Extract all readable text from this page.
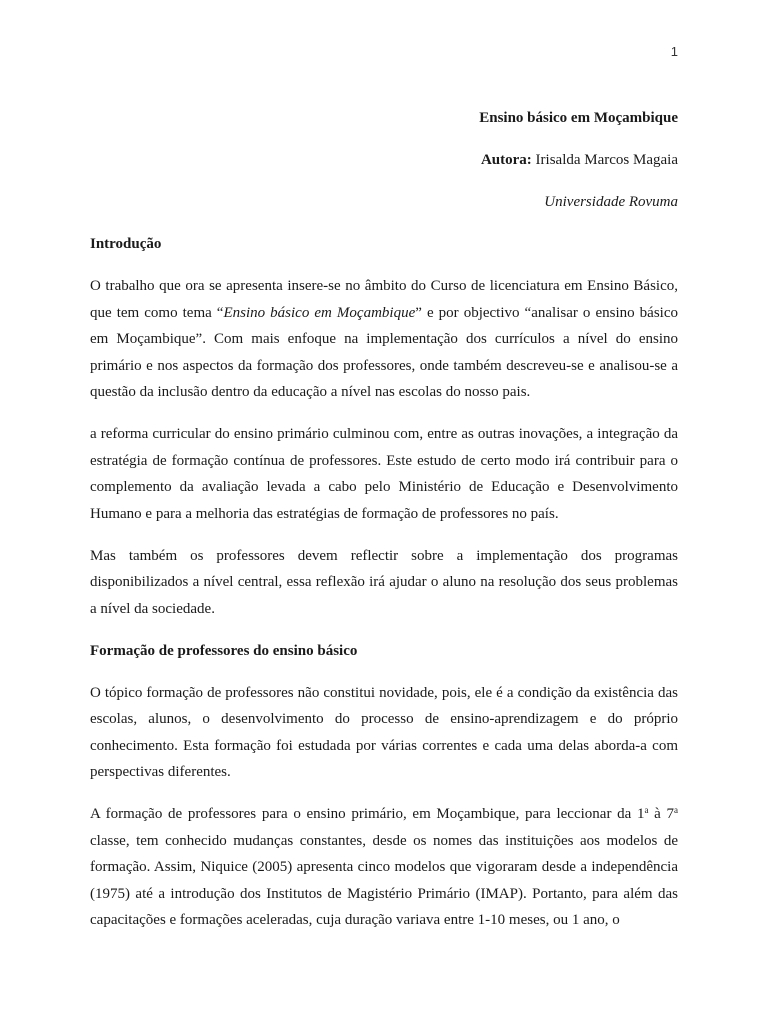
1
Ensino básico em Moçambique
Autora: Irisalda Marcos Magaia
Universidade Rovuma
Introdução

O trabalho que ora se apresenta insere-se no âmbito do Curso de licenciatura em Ensino Básico, que tem como tema “Ensino básico em Moçambique” e por objectivo “analisar o ensino básico em Moçambique”. Com mais enfoque na implementação dos currículos a nível do ensino primário e nos aspectos da formação dos professores, onde também descreveu-se e analisou-se a questão da inclusão dentro da educação a nível nas escolas do nosso pais.

a reforma curricular do ensino primário culminou com, entre as outras inovações, a integração da estratégia de formação contínua de professores. Este estudo de certo modo irá contribuir para o complemento da avaliação levada a cabo pelo Ministério de Educação e Desenvolvimento Humano e para a melhoria das estratégias de formação de professores no país.

Mas também os professores devem reflectir sobre a implementação dos programas disponibilizados a nível central, essa reflexão irá ajudar o aluno na resolução dos seus problemas a nível da sociedade.

Formação de professores do ensino básico

O tópico formação de professores não constitui novidade, pois, ele é a condição da existência das escolas, alunos, o desenvolvimento do processo de ensino-aprendizagem e do próprio conhecimento. Esta formação foi estudada por várias correntes e cada uma delas aborda-a com perspectivas diferentes.

A formação de professores para o ensino primário, em Moçambique, para leccionar da 1$^a$ à 7$^a$ classe, tem conhecido mudanças constantes, desde os nomes das instituições aos modelos de formação. Assim, Niquice (2005) apresenta cinco modelos que vigoraram desde a independência (1975) até a introdução dos Institutos de Magistério Primário (IMAP). Portanto, para além das capacitações e formações aceleradas, cuja duração variava entre 1-10 meses, ou 1 ano, o
